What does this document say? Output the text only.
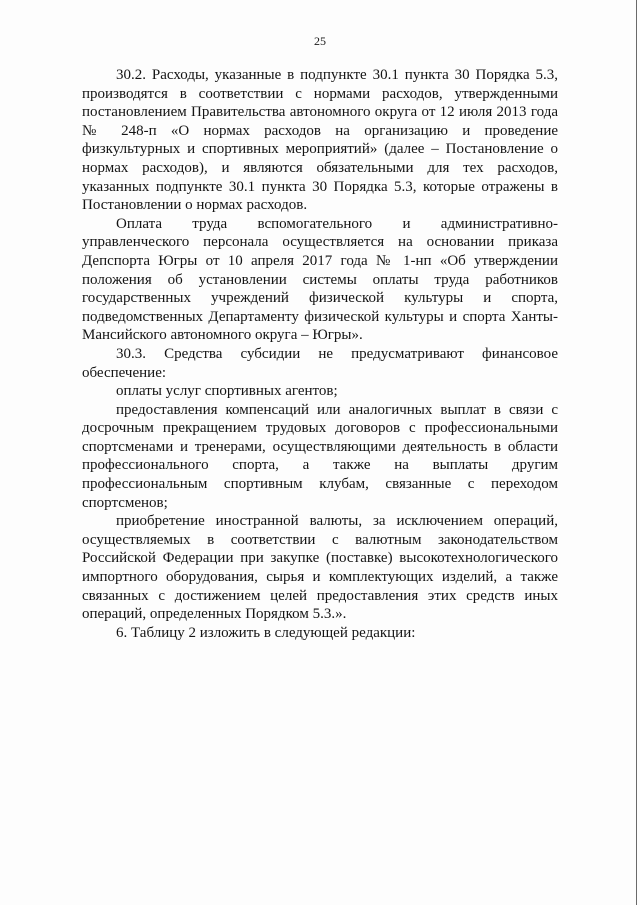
25

30.2. Расходы, указанные в подпункте 30.1 пункта 30 Порядка 5.3, производятся в соответствии с нормами расходов, утвержденными постановлением Правительства автономного округа от 12 июля 2013 года № 248-п «О нормах расходов на организацию и проведение физкультурных и спортивных мероприятий» (далее – Постановление о нормах расходов), и являются обязательными для тех расходов, указанных подпункте 30.1 пункта 30 Порядка 5.3, которые отражены в Постановлении о нормах расходов.

Оплата труда вспомогательного и административно-управленческого персонала осуществляется на основании приказа Депспорта Югры от 10 апреля 2017 года № 1-нп «Об утверждении положения об установлении системы оплаты труда работников государственных учреждений физической культуры и спорта, подведомственных Департаменту физической культуры и спорта Ханты-Мансийского автономного округа – Югры».

30.3. Средства субсидии не предусматривают финансовое обеспечение:

оплаты услуг спортивных агентов;

предоставления компенсаций или аналогичных выплат в связи с досрочным прекращением трудовых договоров с профессиональными спортсменами и тренерами, осуществляющими деятельность в области профессионального спорта, а также на выплаты другим профессиональным спортивным клубам, связанные с переходом спортсменов;

приобретение иностранной валюты, за исключением операций, осуществляемых в соответствии с валютным законодательством Российской Федерации при закупке (поставке) высокотехнологического импортного оборудования, сырья и комплектующих изделий, а также связанных с достижением целей предоставления этих средств иных операций, определенных Порядком 5.3.».

6. Таблицу 2 изложить в следующей редакции:
